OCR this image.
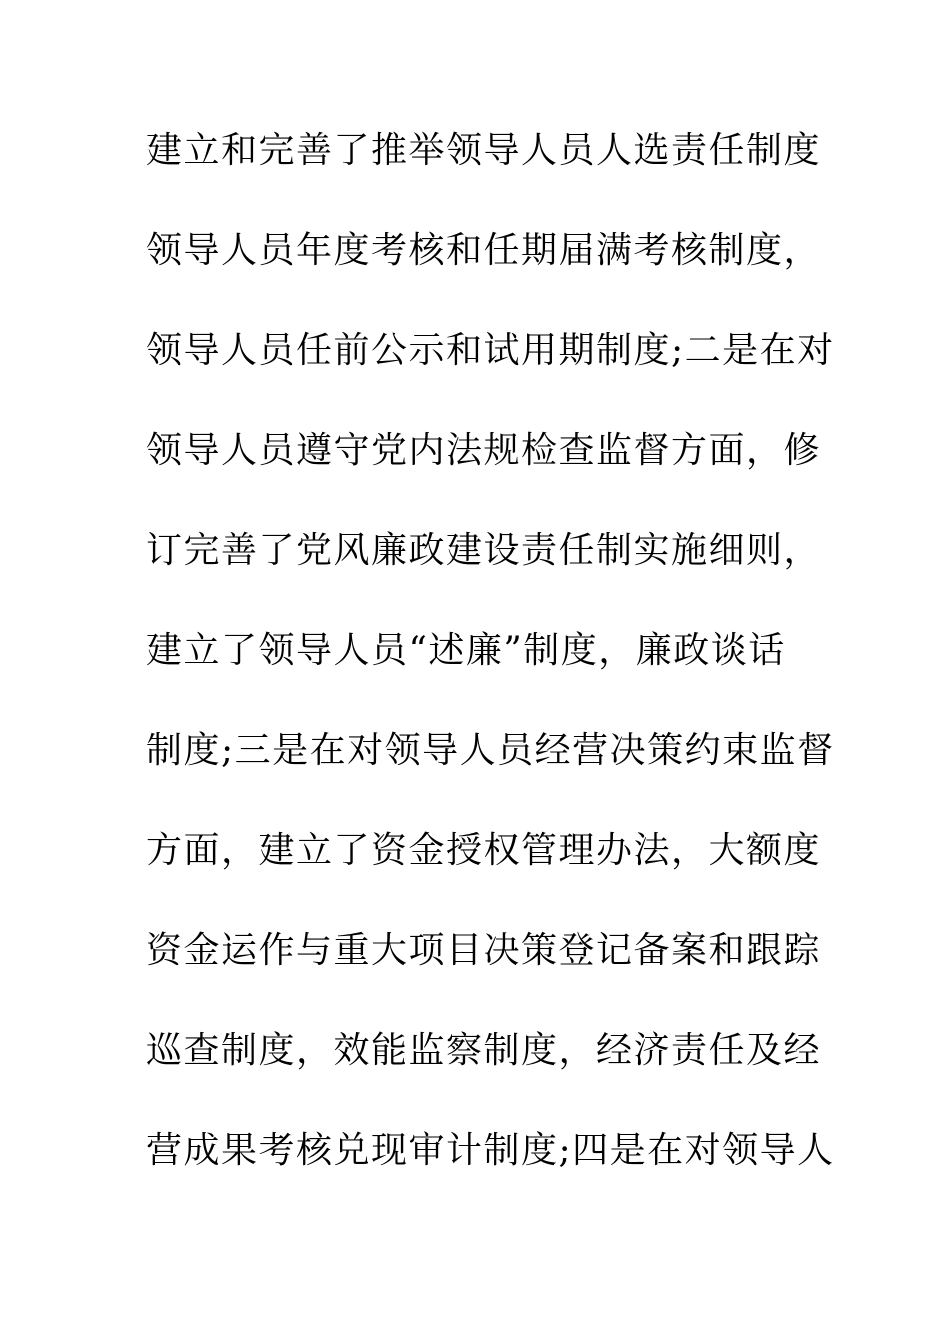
建立和完善了推举领导人员人选责任制度
领导人员年度考核和任期届满考核制度，
领导人员任前公示和试用期制度;二是在对
领导人员遵守党内法规检查监督方面，修
订完善了党风廉政建设责任制实施细则，
建立了领导人员“述廉”制度，廉政谈话
制度;三是在对领导人员经营决策约束监督
方面，建立了资金授权管理办法，大额度
资金运作与重大项目决策登记备案和跟踪
巡查制度，效能监察制度，经济责任及经
营成果考核兑现审计制度;四是在对领导人
